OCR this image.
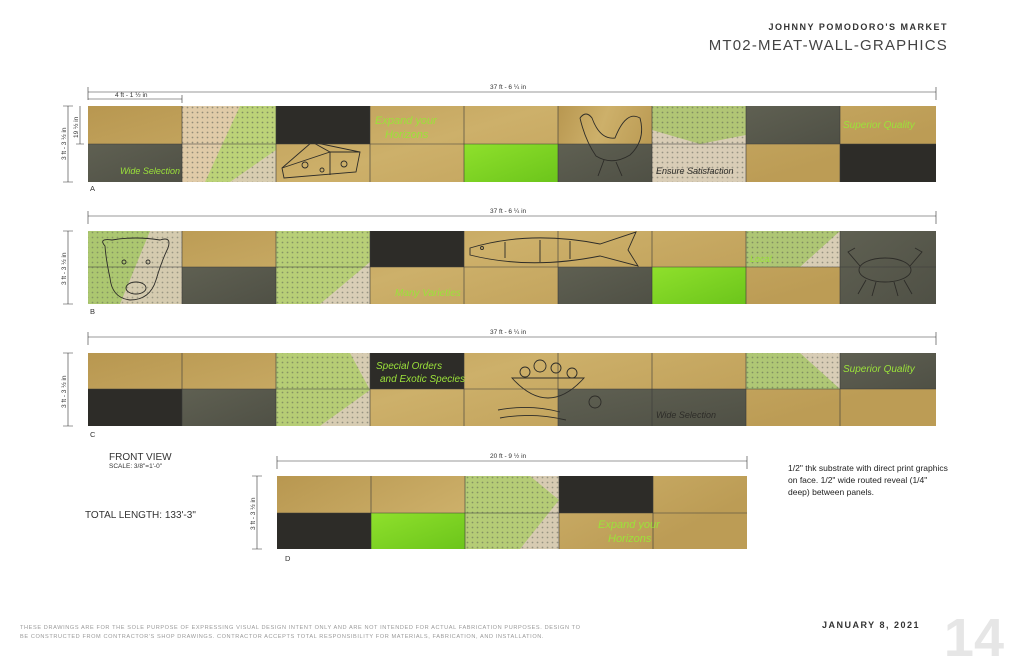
JOHNNY POMODORO'S MARKET
MT02-MEAT-WALL-GRAPHICS
Expand your
Horizons
Superior Quality
Wide Selection	Ensure Satisfaction
Local
Many Varieties
Special Orders
and Exotic Species
Superior Quality
Wide Selection
Expand your
Horizons
37 ft - 6 ¼ in
4 ft - 1 ½ in
3 ft - 3 ½ in
19 ½ in
37 ft - 6 ¼ in
3 ft - 3 ½ in
37 ft - 6 ¼ in
3 ft - 3 ½ in
20 ft - 9 ½ in
3 ft - 3 ½ in
A
B
C
D
FRONT VIEW
SCALE: 3/8"=1'-0"
TOTAL LENGTH: 133'-3"
1/2" thk substrate with direct print graphics on face. 1/2" wide routed reveal (1/4" deep) between panels.
THESE DRAWINGS ARE FOR THE SOLE PURPOSE OF EXPRESSING VISUAL DESIGN INTENT ONLY AND ARE NOT INTENDED FOR ACTUAL FABRICATION PURPOSES. DESIGN TO BE CONSTRUCTED FROM CONTRACTOR'S SHOP DRAWINGS. CONTRACTOR ACCEPTS TOTAL RESPONSIBILITY FOR MATERIALS, FABRICATION, AND INSTALLATION.
JANUARY 8, 2021 14
